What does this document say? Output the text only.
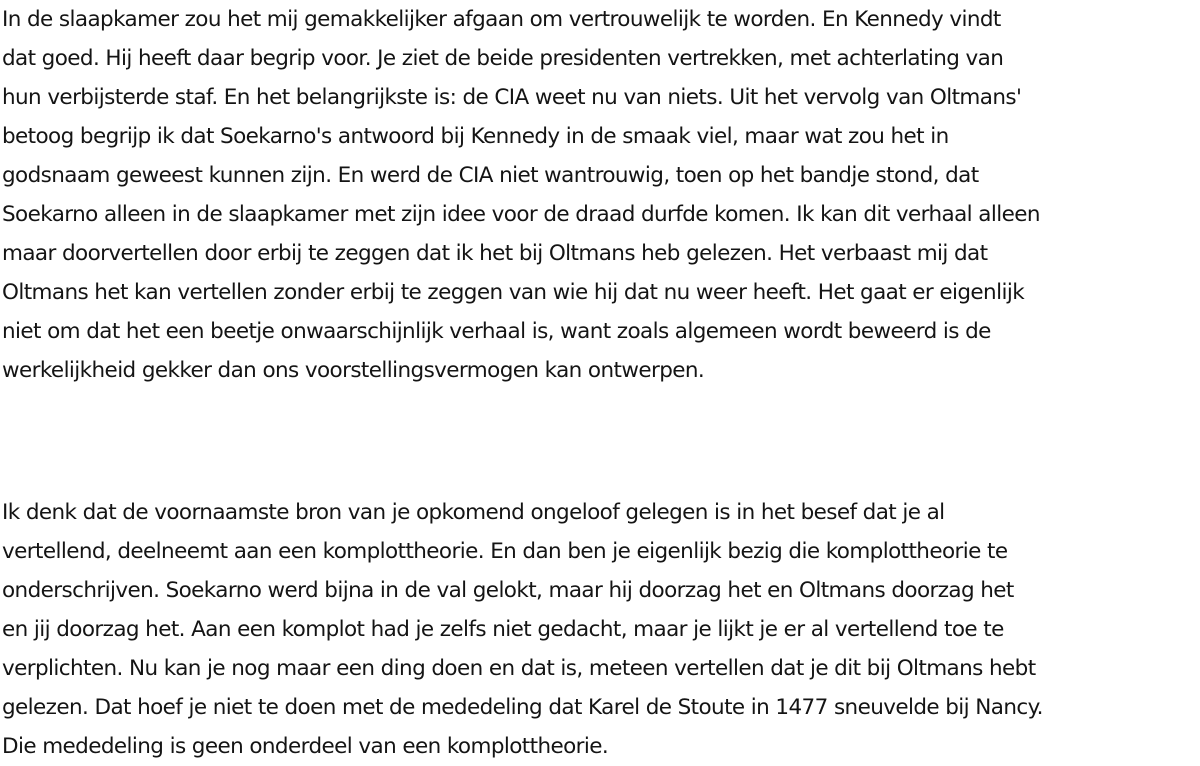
In de slaapkamer zou het mij gemakkelijker afgaan om vertrouwelijk te worden. En Kennedy vindt
dat goed. Hij heeft daar begrip voor. Je ziet de beide presidenten vertrekken, met achterlating van
hun verbijsterde staf. En het belangrijkste is: de CIA weet nu van niets. Uit het vervolg van Oltmans'
betoog begrijp ik dat Soekarno's antwoord bij Kennedy in de smaak viel, maar wat zou het in
godsnaam geweest kunnen zijn. En werd de CIA niet wantrouwig, toen op het bandje stond, dat
Soekarno alleen in de slaapkamer met zijn idee voor de draad durfde komen. Ik kan dit verhaal alleen
maar doorvertellen door erbij te zeggen dat ik het bij Oltmans heb gelezen. Het verbaast mij dat
Oltmans het kan vertellen zonder erbij te zeggen van wie hij dat nu weer heeft. Het gaat er eigenlijk
niet om dat het een beetje onwaarschijnlijk verhaal is, want zoals algemeen wordt beweerd is de
werkelijkheid gekker dan ons voorstellingsvermogen kan ontwerpen.
Ik denk dat de voornaamste bron van je opkomend ongeloof gelegen is in het besef dat je al
vertellend, deelneemt aan een komplottheorie. En dan ben je eigenlijk bezig die komplottheorie te
onderschrijven. Soekarno werd bijna in de val gelokt, maar hij doorzag het en Oltmans doorzag het
en jij doorzag het. Aan een komplot had je zelfs niet gedacht, maar je lijkt je er al vertellend toe te
verplichten. Nu kan je nog maar een ding doen en dat is, meteen vertellen dat je dit bij Oltmans hebt
gelezen. Dat hoef je niet te doen met de mededeling dat Karel de Stoute in 1477 sneuvelde bij Nancy.
Die mededeling is geen onderdeel van een komplottheorie.
